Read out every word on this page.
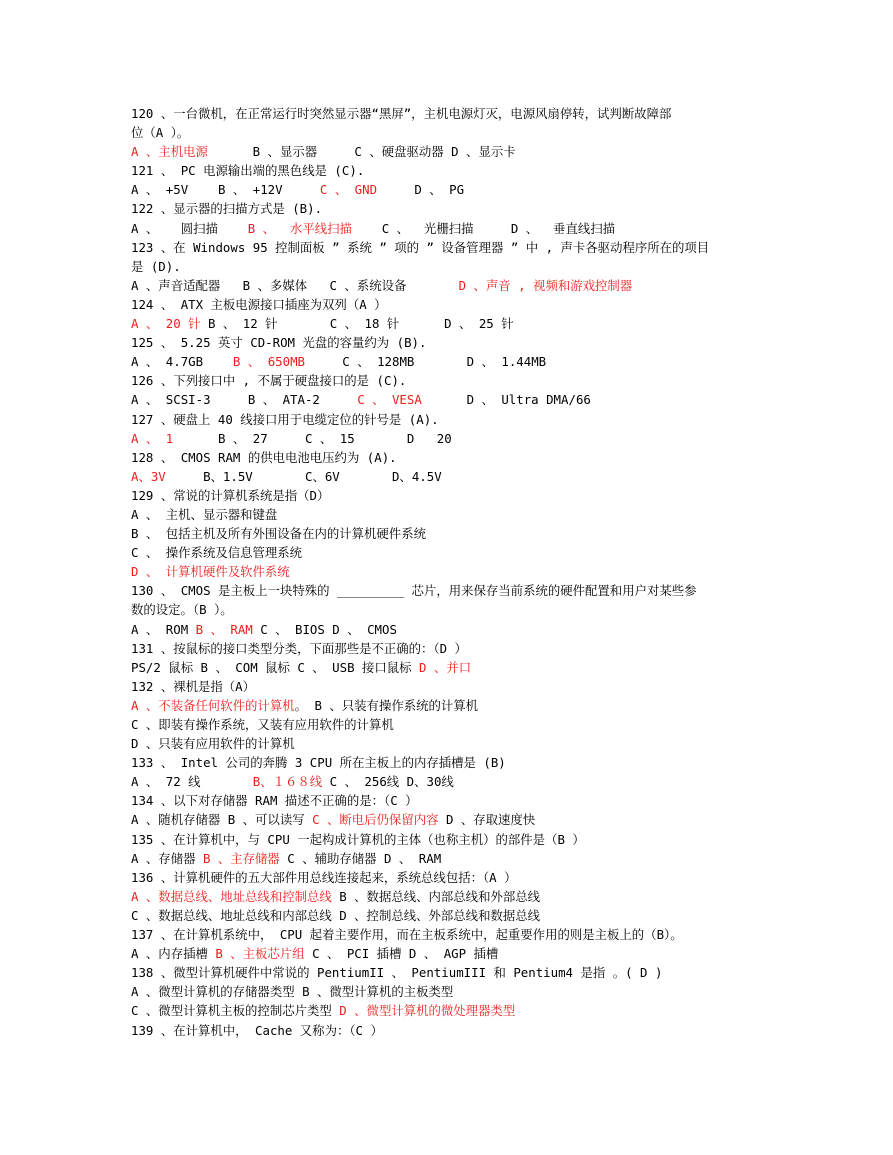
120 、一台微机，在正常运行时突然显示器“黑屏”，主机电源灯灭，电源风扇停转，试判断故障部
位（A ）。
A 、主机电源      B 、显示器     C 、硬盘驱动器 D 、显示卡
121 、 PC 电源输出端的黑色线是 (C).
A 、 +5V    B 、 +12V     C 、 GND     D 、 PG
122 、显示器的扫描方式是 (B).
A 、   圆扫描    B 、  水平线扫描    C 、  光栅扫描     D 、  垂直线扫描
123 、在 Windows 95 控制面板 ” 系统 ” 项的 ” 设备管理器 ” 中 , 声卡各驱动程序所在的项目
是 (D).
A 、声音适配器   B 、多媒体   C 、系统设备       D 、声音 , 视频和游戏控制器
124 、 ATX 主板电源接口插座为双列（A ）
A 、 20 针 B 、 12 针       C 、 18 针      D 、 25 针
125 、 5.25 英寸 CD-ROM 光盘的容量约为 (B).
A 、 4.7GB    B 、 650MB     C 、 128MB       D 、 1.44MB
126 、下列接口中 , 不属于硬盘接口的是 (C).
A 、 SCSI-3     B 、 ATA-2     C 、 VESA      D 、 Ultra DMA/66
127 、硬盘上 40 线接口用于电缆定位的针号是 (A).
A 、 1      B 、 27     C 、 15       D   20
128 、 CMOS RAM 的供电电池电压约为 (A).
A、3V     B、1.5V       C、6V       D、4.5V
129 、常说的计算机系统是指（D）
A 、 主机、显示器和键盘
B 、 包括主机及所有外围设备在内的计算机硬件系统
C 、 操作系统及信息管理系统
D 、 计算机硬件及软件系统
130 、 CMOS 是主板上一块特殊的 _________ 芯片，用来保存当前系统的硬件配置和用户对某些参
数的设定。（B ）。
A 、 ROM B 、 RAM C 、 BIOS D 、 CMOS
131 、按鼠标的接口类型分类，下面那些是不正确的：（D ）
PS/2 鼠标 B 、 COM 鼠标 C 、 USB 接口鼠标 D 、并口
132 、裸机是指（A）
A 、不装备任何软件的计算机。 B 、只装有操作系统的计算机
C 、即装有操作系统，又装有应用软件的计算机
D 、只装有应用软件的计算机
133 、 Intel 公司的奔腾 3 CPU 所在主板上的内存插槽是 (B)
A 、 72 线       B、１６８线 C 、 256线 D、30线
134 、以下对存储器 RAM 描述不正确的是：（C ）
A 、随机存储器 B 、可以读写 C 、断电后仍保留内容 D 、存取速度快
135 、在计算机中，与 CPU 一起构成计算机的主体（也称主机）的部件是（B ）
A 、存储器 B 、主存储器 C 、辅助存储器 D 、 RAM
136 、计算机硬件的五大部件用总线连接起来，系统总线包括：（A ）
A 、数据总线、地址总线和控制总线 B 、数据总线、内部总线和外部总线
C 、数据总线、地址总线和内部总线 D 、控制总线、外部总线和数据总线
137 、在计算机系统中， CPU 起着主要作用，而在主板系统中，起重要作用的则是主板上的（B）。
A 、内存插槽 B 、主板芯片组 C 、 PCI 插槽 D 、 AGP 插槽
138 、微型计算机硬件中常说的 PentiumII 、 PentiumIII 和 Pentium4 是指 。( D )
A 、微型计算机的存储器类型 B 、微型计算机的主板类型
C 、微型计算机主板的控制芯片类型 D 、微型计算机的微处理器类型
139 、在计算机中， Cache 又称为：（C ）
